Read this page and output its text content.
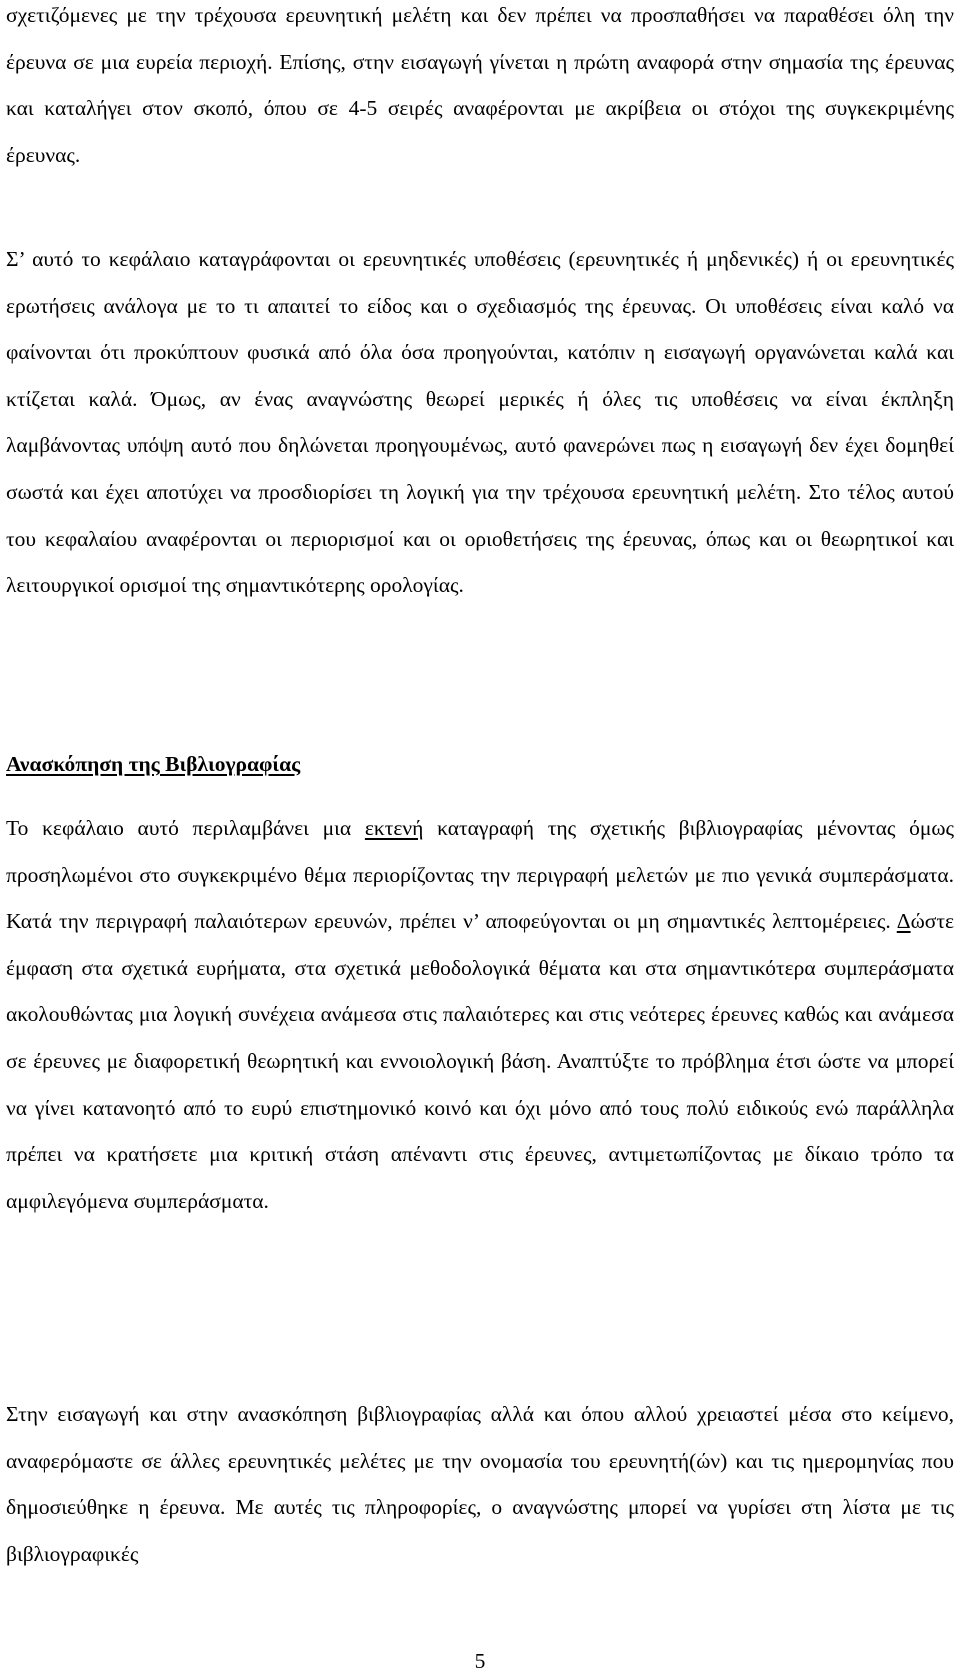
σχετιζόμενες με την τρέχουσα ερευνητική μελέτη και δεν πρέπει να προσπαθήσει να παραθέσει όλη την έρευνα σε μια ευρεία περιοχή. Επίσης, στην εισαγωγή γίνεται η πρώτη αναφορά στην σημασία της έρευνας και καταλήγει στον σκοπό, όπου σε 4-5 σειρές αναφέρονται με ακρίβεια οι στόχοι της συγκεκριμένης έρευνας.

Σ’ αυτό το κεφάλαιο καταγράφονται οι ερευνητικές υποθέσεις (ερευνητικές ή μηδενικές) ή οι ερευνητικές ερωτήσεις ανάλογα με το τι απαιτεί το είδος και ο σχεδιασμός της έρευνας. Οι υποθέσεις είναι καλό να φαίνονται ότι προκύπτουν φυσικά από όλα όσα προηγούνται, κατόπιν η εισαγωγή οργανώνεται καλά και κτίζεται καλά. Όμως, αν ένας αναγνώστης θεωρεί μερικές ή όλες τις υποθέσεις να είναι έκπληξη λαμβάνοντας υπόψη αυτό που δηλώνεται προηγουμένως, αυτό φανερώνει πως η εισαγωγή δεν έχει δομηθεί σωστά και έχει αποτύχει να προσδιορίσει τη λογική για την τρέχουσα ερευνητική μελέτη. Στο τέλος αυτού του κεφαλαίου αναφέρονται οι περιορισμοί και οι οριοθετήσεις της έρευνας, όπως και οι θεωρητικοί και λειτουργικοί ορισμοί της σημαντικότερης ορολογίας.

Ανασκόπηση της Βιβλιογραφίας

Το κεφάλαιο αυτό περιλαμβάνει μια εκτενή καταγραφή της σχετικής βιβλιογραφίας μένοντας όμως προσηλωμένοι στο συγκεκριμένο θέμα περιορίζοντας την περιγραφή μελετών με πιο γενικά συμπεράσματα. Κατά την περιγραφή παλαιότερων ερευνών, πρέπει ν’ αποφεύγονται οι μη σημαντικές λεπτομέρειες. Δώστε έμφαση στα σχετικά ευρήματα, στα σχετικά μεθοδολογικά θέματα και στα σημαντικότερα συμπεράσματα ακολουθώντας μια λογική συνέχεια ανάμεσα στις παλαιότερες και στις νεότερες έρευνες καθώς και ανάμεσα σε έρευνες με διαφορετική θεωρητική και εννοιολογική βάση. Αναπτύξτε το πρόβλημα έτσι ώστε να μπορεί να γίνει κατανοητό από το ευρύ επιστημονικό κοινό και όχι μόνο από τους πολύ ειδικούς ενώ παράλληλα πρέπει να κρατήσετε μια κριτική στάση απέναντι στις έρευνες, αντιμετωπίζοντας με δίκαιο τρόπο τα αμφιλεγόμενα συμπεράσματα.

Στην εισαγωγή και στην ανασκόπηση βιβλιογραφίας αλλά και όπου αλλού χρειαστεί μέσα στο κείμενο, αναφερόμαστε σε άλλες ερευνητικές μελέτες με την ονομασία του ερευνητή(ών) και τις ημερομηνίας που δημοσιεύθηκε η έρευνα. Με αυτές τις πληροφορίες, ο αναγνώστης μπορεί να γυρίσει στη λίστα με τις βιβλιογραφικές

5
